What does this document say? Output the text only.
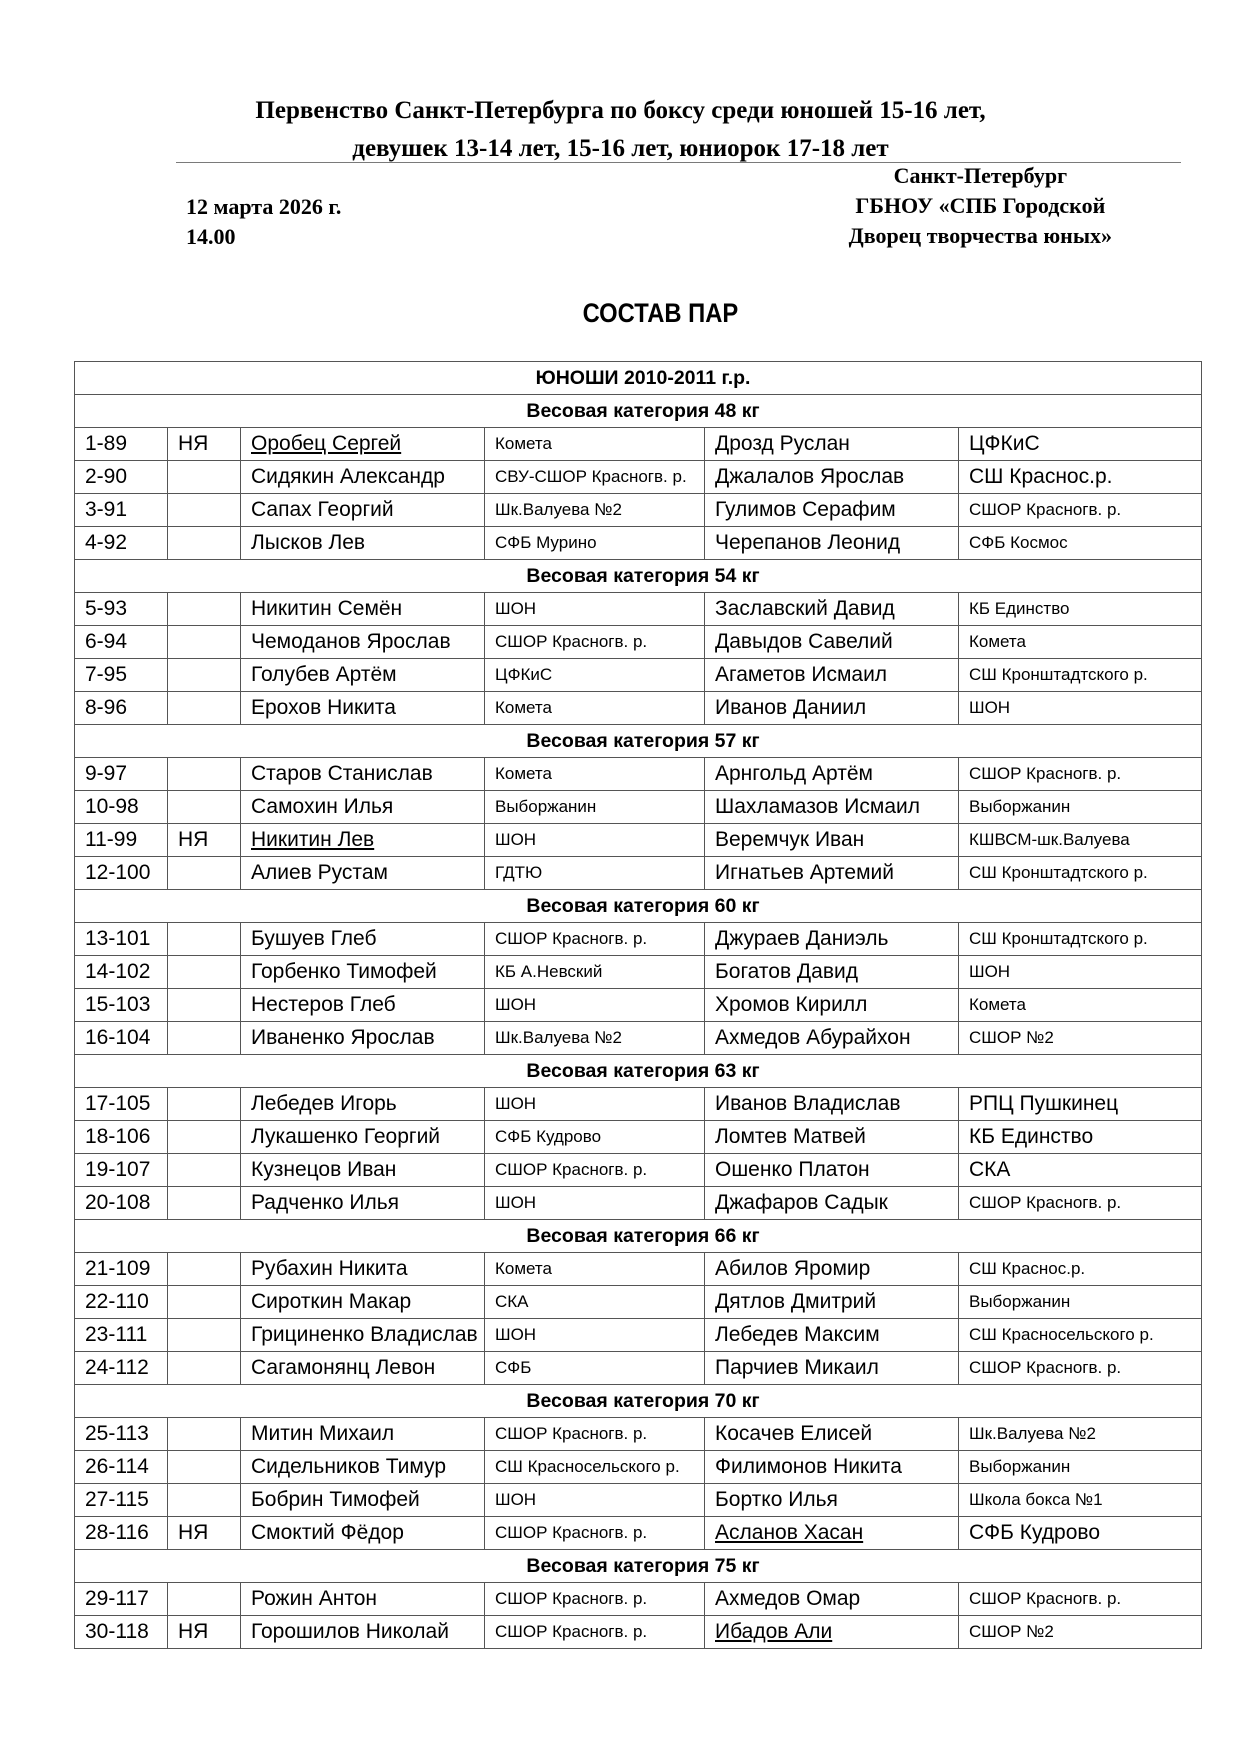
Первенство Санкт-Петербурга по боксу среди юношей 15-16 лет,
девушек 13-14 лет, 15-16 лет, юниорок 17-18 лет
12 марта 2026 г.
14.00
Санкт-Петербург
ГБНОУ «СПБ Городской
Дворец творчества юных»
СОСТАВ ПАР
ЮНОШИ 2010-2011 г.р.					
Весовая категория 48 кг					
1-89	НЯ	Оробец Сергей	Комета	Дрозд Руслан	ЦФКиС
2-90		Сидякин Александр	СВУ-СШОР Красногв. р.	Джалалов Ярослав	СШ Краснос.р.
3-91		Сапах Георгий	Шк.Валуева №2	Гулимов Серафим	СШОР Красногв. р.
4-92		Лысков Лев	СФБ Мурино	Черепанов Леонид	СФБ Космос
Весовая категория 54 кг					
5-93		Никитин Семён	ШОН	Заславский Давид	КБ Единство
6-94		Чемоданов Ярослав	СШОР Красногв. р.	Давыдов Савелий	Комета
7-95		Голубев Артём	ЦФКиС	Агаметов Исмаил	СШ Кронштадтского р.
8-96		Ерохов Никита	Комета	Иванов Даниил	ШОН
Весовая категория 57 кг					
9-97		Старов Станислав	Комета	Арнгольд Артём	СШОР Красногв. р.
10-98		Самохин Илья	Выборжанин	Шахламазов Исмаил	Выборжанин
11-99	НЯ	Никитин Лев	ШОН	Веремчук Иван	КШВСМ-шк.Валуева
12-100		Алиев Рустам	ГДТЮ	Игнатьев Артемий	СШ Кронштадтского р.
Весовая категория 60 кг					
13-101		Бушуев Глеб	СШОР Красногв. р.	Джураев Даниэль	СШ Кронштадтского р.
14-102		Горбенко Тимофей	КБ А.Невский	Богатов Давид	ШОН
15-103		Нестеров Глеб	ШОН	Хромов Кирилл	Комета
16-104		Иваненко Ярослав	Шк.Валуева №2	Ахмедов Абурайхон	СШОР №2
Весовая категория 63 кг					
17-105		Лебедев Игорь	ШОН	Иванов Владислав	РПЦ Пушкинец
18-106		Лукашенко Георгий	СФБ Кудрово	Ломтев Матвей	КБ Единство
19-107		Кузнецов Иван	СШОР Красногв. р.	Ошенко Платон	СКА
20-108		Радченко Илья	ШОН	Джафаров Садык	СШОР Красногв. р.
Весовая категория 66 кг					
21-109		Рубахин Никита	Комета	Абилов Яромир	СШ Краснос.р.
22-110		Сироткин Макар	СКА	Дятлов Дмитрий	Выборжанин
23-111		Грициненко Владислав	ШОН	Лебедев Максим	СШ Красносельского р.
24-112		Сагамонянц Левон	СФБ	Парчиев Микаил	СШОР Красногв. р.
Весовая категория 70 кг					
25-113		Митин Михаил	СШОР Красногв. р.	Косачев Елисей	Шк.Валуева №2
26-114		Сидельников Тимур	СШ Красносельского р.	Филимонов Никита	Выборжанин
27-115		Бобрин Тимофей	ШОН	Бортко Илья	Школа бокса №1
28-116	НЯ	Смоктий Фёдор	СШОР Красногв. р.	Асланов Хасан	СФБ Кудрово
Весовая категория 75 кг					
29-117		Рожин Антон	СШОР Красногв. р.	Ахмедов Омар	СШОР Красногв. р.
30-118	НЯ	Горошилов Николай	СШОР Красногв. р.	Ибадов Али	СШОР №2
